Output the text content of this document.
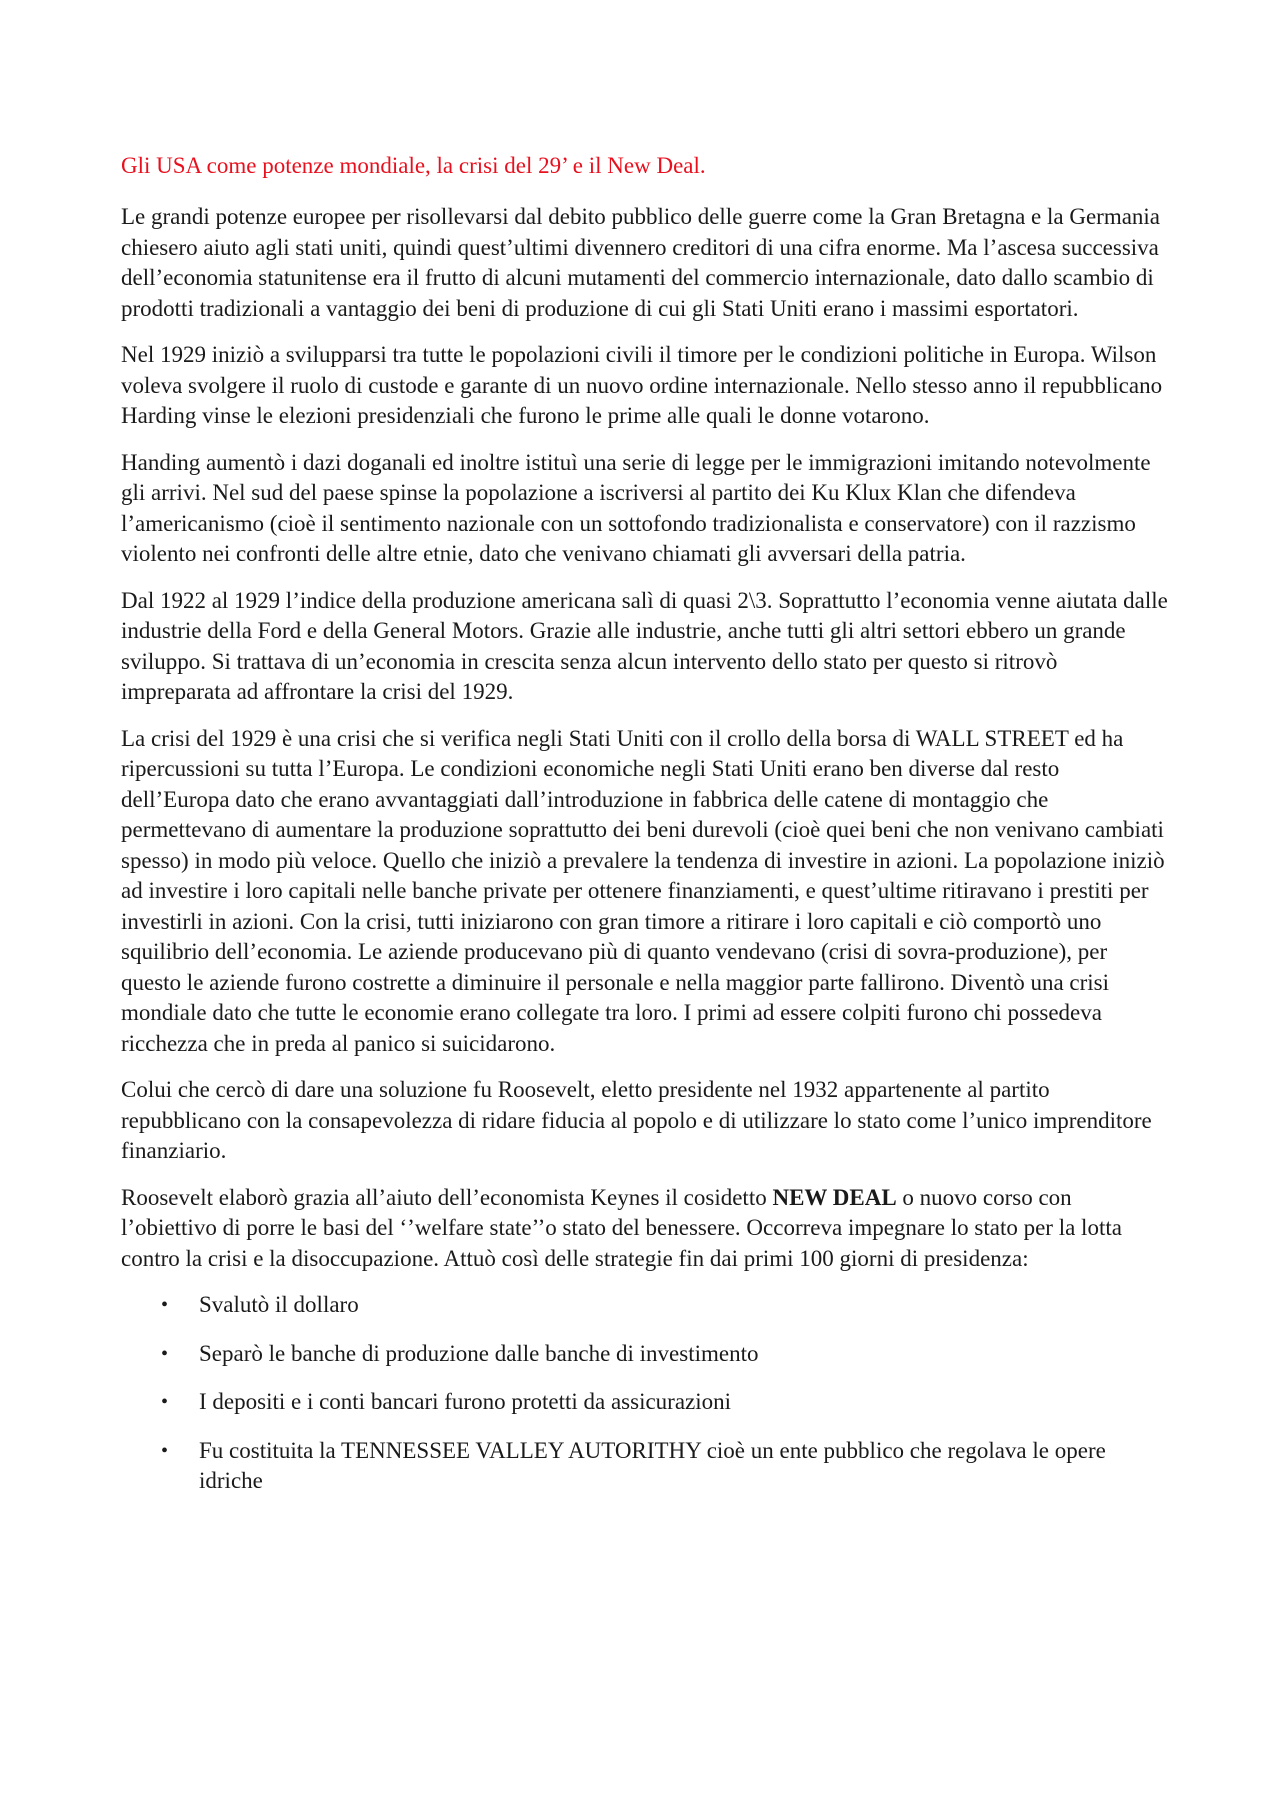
Gli USA come potenze mondiale, la crisi del 29’ e il New Deal.
Le grandi potenze europee per risollevarsi dal debito pubblico delle guerre come la Gran Bretagna e la Germania chiesero aiuto agli stati uniti, quindi quest’ultimi divennero creditori di una cifra enorme. Ma l’ascesa successiva dell’economia statunitense era il frutto di alcuni mutamenti del commercio internazionale, dato dallo scambio di prodotti tradizionali a vantaggio dei beni di produzione di cui gli Stati Uniti erano i massimi esportatori.
Nel 1929 iniziò a svilupparsi tra tutte le popolazioni civili il timore per le condizioni politiche in Europa. Wilson voleva svolgere il ruolo di custode e garante di un nuovo ordine internazionale. Nello stesso anno il repubblicano Harding vinse le elezioni presidenziali che furono le prime alle quali le donne votarono.
Handing aumentò i dazi doganali ed inoltre istituì una serie di legge per le immigrazioni imitando notevolmente gli arrivi. Nel sud del paese spinse la popolazione a iscriversi al partito dei Ku Klux Klan che difendeva l’americanismo (cioè il sentimento nazionale con un sottofondo tradizionalista e conservatore) con il razzismo violento nei confronti delle altre etnie, dato che venivano chiamati gli avversari della patria.
Dal 1922 al 1929 l’indice della produzione americana salì di quasi 2\3. Soprattutto l’economia venne aiutata dalle industrie della Ford e della General Motors. Grazie alle industrie, anche tutti gli altri settori ebbero un grande sviluppo. Si trattava di un’economia in crescita senza alcun intervento dello stato per questo si ritrovò impreparata ad affrontare la crisi del 1929.
La crisi del 1929 è una crisi che si verifica negli Stati Uniti con il crollo della borsa di WALL STREET ed ha ripercussioni su tutta l’Europa. Le condizioni economiche negli Stati Uniti erano ben diverse dal resto dell’Europa dato che erano avvantaggiati dall’introduzione in fabbrica delle catene di montaggio che permettevano di aumentare la produzione soprattutto dei beni durevoli (cioè quei beni che non venivano cambiati spesso) in modo più veloce. Quello che iniziò a prevalere la tendenza di investire in azioni. La popolazione iniziò ad investire i loro capitali nelle banche private per ottenere finanziamenti, e quest’ultime ritiravano i prestiti per investirli in azioni. Con la crisi, tutti iniziarono con gran timore a ritirare i loro capitali e ciò comportò uno squilibrio dell’economia. Le aziende producevano più di quanto vendevano (crisi di sovra-produzione), per questo le aziende furono costrette a diminuire il personale e nella maggior parte fallirono. Diventò una crisi mondiale dato che tutte le economie erano collegate tra loro. I primi ad essere colpiti furono chi possedeva ricchezza che in preda al panico si suicidarono.
Colui che cercò di dare una soluzione fu Roosevelt, eletto presidente nel 1932 appartenente al partito repubblicano con la consapevolezza di ridare fiducia al popolo e di utilizzare lo stato come l’unico imprenditore finanziario.
Roosevelt elaborò grazia all’aiuto dell’economista Keynes il cosidetto NEW DEAL o nuovo corso con l’obiettivo di porre le basi del ‘’welfare state’’o stato del benessere. Occorreva impegnare lo stato per la lotta contro la crisi e la disoccupazione. Attuò così delle strategie fin dai primi 100 giorni di presidenza:
• Svalutò il dollaro
• Separò le banche di produzione dalle banche di investimento
• I depositi e i conti bancari furono protetti da assicurazioni
• Fu costituita la TENNESSEE VALLEY AUTORITHY cioè un ente pubblico che regolava le opere idriche
